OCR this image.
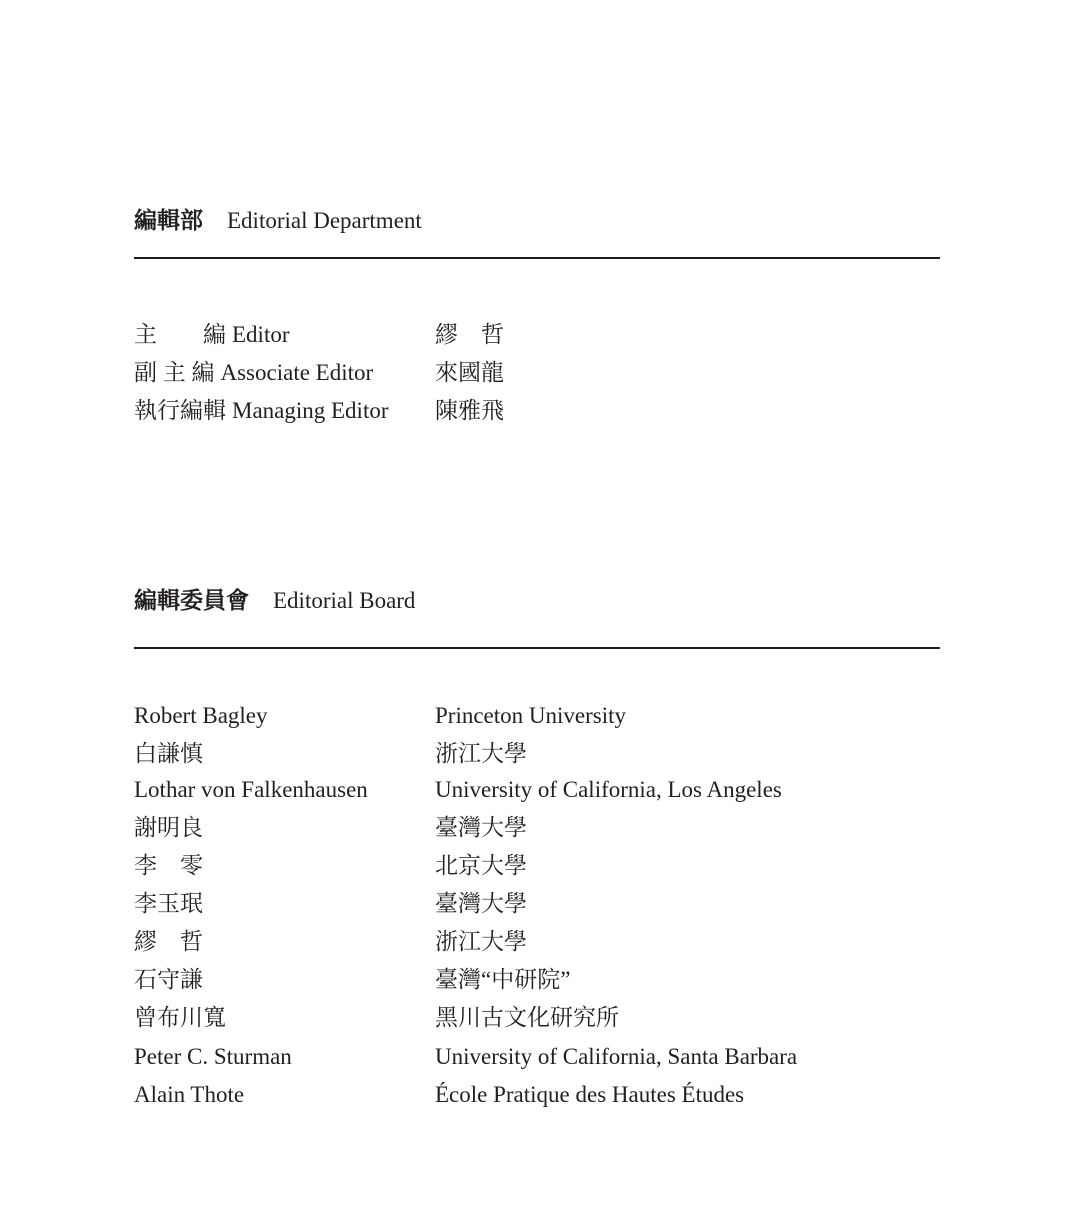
編輯部 Editorial Department
主　　編 Editor	繆　哲
副 主 編 Associate Editor	來國龍
執行編輯 Managing Editor 陳雅飛
編輯委員會 Editorial Board
Robert Bagley	Princeton University
白謙慎	浙江大學
Lothar von Falkenhausen	University of California, Los Angeles
謝明良	臺灣大學
李　零	北京大學
李玉珉	臺灣大學
繆　哲	浙江大學
石守謙	臺灣“中研院”
曾布川寬	黑川古文化研究所
Peter C. Sturman	University of California, Santa Barbara
Alain Thote	École Pratique des Hautes Études
